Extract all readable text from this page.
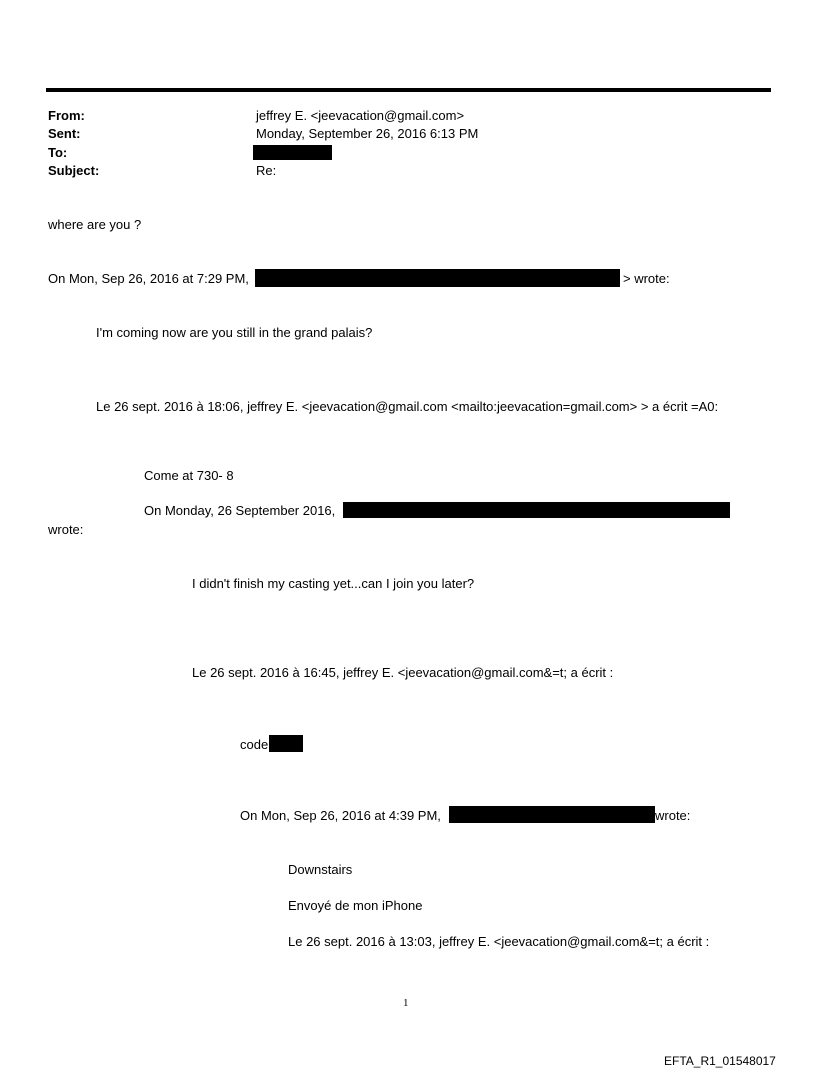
From:	jeffrey E. <jeevacation@gmail.com>
Sent:	Monday, September 26, 2016 6:13 PM
To:
Subject:	Re:
where are you ?
On Mon, Sep 26, 2016 at 7:29 PM,	> wrote:
I'm coming now are you still in the grand palais?
Le 26 sept. 2016 à 18:06, jeffrey E. <jeevacation@gmail.com <mailto:jeevacation=gmail.com> > a écrit =A0:
Come at 730- 8
On Monday, 26 September 2016,
wrote:
I didn't finish my casting yet...can I join you later?
Le 26 sept. 2016 à 16:45, jeffrey E. <jeevacation@gmail.com&=t; a écrit :
code
On Mon, Sep 26, 2016 at 4:39 PM,	wrote:
Downstairs
Envoyé de mon iPhone
Le 26 sept. 2016 à 13:03, jeffrey E. <jeevacation@gmail.com&=t; a écrit :
1
EFTA_R1_01548017
